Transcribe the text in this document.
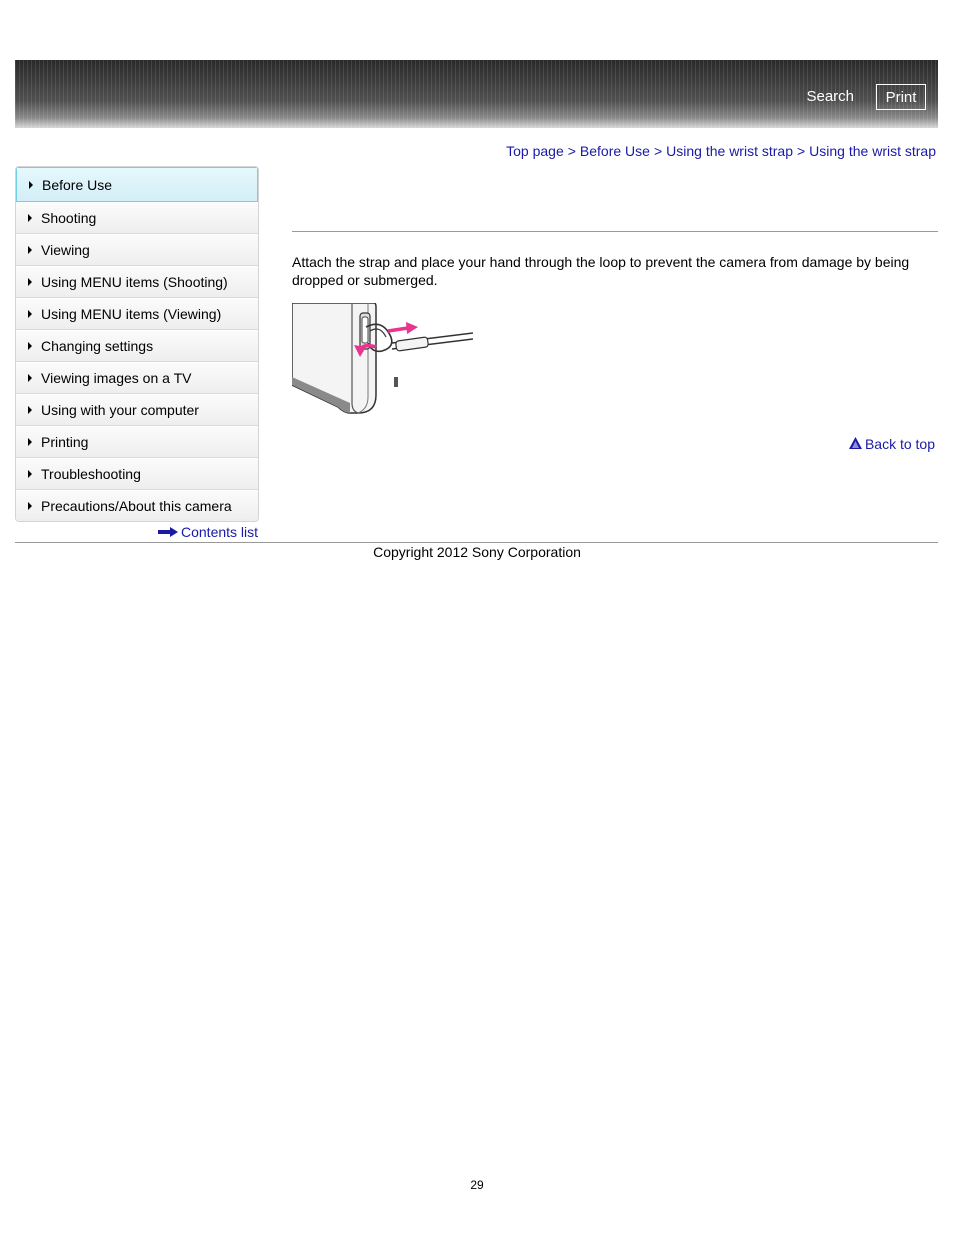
Search	Print
Top page > Before Use > Using the wrist strap > Using the wrist strap
Before Use
Shooting
Viewing
Using MENU items (Shooting)
Using MENU items (Viewing)
Changing settings
Viewing images on a TV
Using with your computer
Printing
Troubleshooting
Precautions/About this camera
Contents list
Attach the strap and place your hand through the loop to prevent the camera from damage by being dropped or submerged.
Back to top
Copyright 2012 Sony Corporation
29
